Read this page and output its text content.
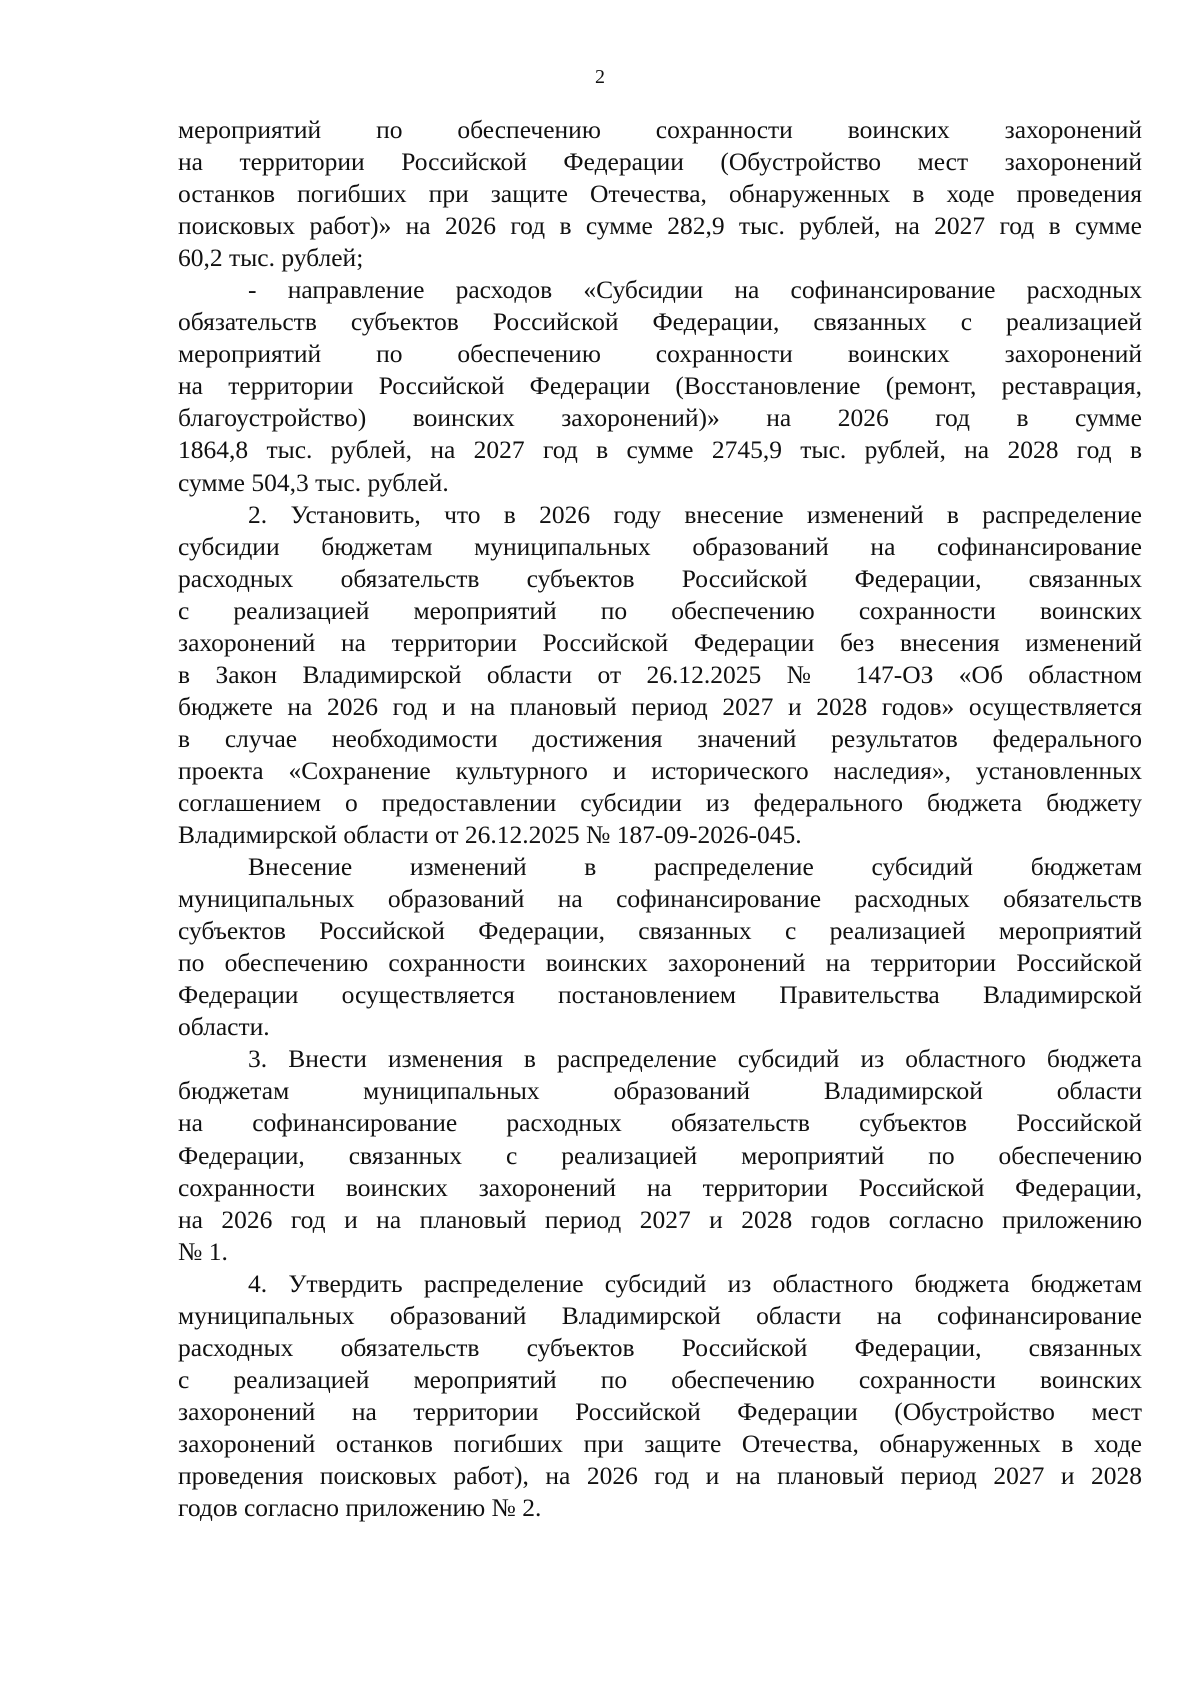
2
мероприятий по обеспечению сохранности воинских захоронений
на территории Российской Федерации (Обустройство мест захоронений
останков погибших при защите Отечества, обнаруженных в ходе проведения
поисковых работ)» на 2026 год в сумме 282,9 тыс. рублей, на 2027 год в сумме
60,2 тыс. рублей;
- направление расходов «Субсидии на софинансирование расходных
обязательств субъектов Российской Федерации, связанных с реализацией
мероприятий по обеспечению сохранности воинских захоронений
на территории Российской Федерации (Восстановление (ремонт, реставрация,
благоустройство) воинских захоронений)» на 2026 год в сумме
1864,8 тыс. рублей, на 2027 год в сумме 2745,9 тыс. рублей, на 2028 год в
сумме 504,3 тыс. рублей.
2. Установить, что в 2026 году внесение изменений в распределение
субсидии бюджетам муниципальных образований на софинансирование
расходных обязательств субъектов Российской Федерации, связанных
с реализацией мероприятий по обеспечению сохранности воинских
захоронений на территории Российской Федерации без внесения изменений
в Закон Владимирской области от 26.12.2025 № 147-ОЗ «Об областном
бюджете на 2026 год и на плановый период 2027 и 2028 годов» осуществляется
в случае необходимости достижения значений результатов федерального
проекта «Сохранение культурного и исторического наследия», установленных
соглашением о предоставлении субсидии из федерального бюджета бюджету
Владимирской области от 26.12.2025 № 187-09-2026-045.
Внесение изменений в распределение субсидий бюджетам
муниципальных образований на софинансирование расходных обязательств
субъектов Российской Федерации, связанных с реализацией мероприятий
по обеспечению сохранности воинских захоронений на территории Российской
Федерации осуществляется постановлением Правительства Владимирской
области.
3. Внести изменения в распределение субсидий из областного бюджета
бюджетам муниципальных образований Владимирской области
на софинансирование расходных обязательств субъектов Российской
Федерации, связанных с реализацией мероприятий по обеспечению
сохранности воинских захоронений на территории Российской Федерации,
на 2026 год и на плановый период 2027 и 2028 годов согласно приложению
№ 1.
4. Утвердить распределение субсидий из областного бюджета бюджетам
муниципальных образований Владимирской области на софинансирование
расходных обязательств субъектов Российской Федерации, связанных
с реализацией мероприятий по обеспечению сохранности воинских
захоронений на территории Российской Федерации (Обустройство мест
захоронений останков погибших при защите Отечества, обнаруженных в ходе
проведения поисковых работ), на 2026 год и на плановый период 2027 и 2028
годов согласно приложению № 2.
